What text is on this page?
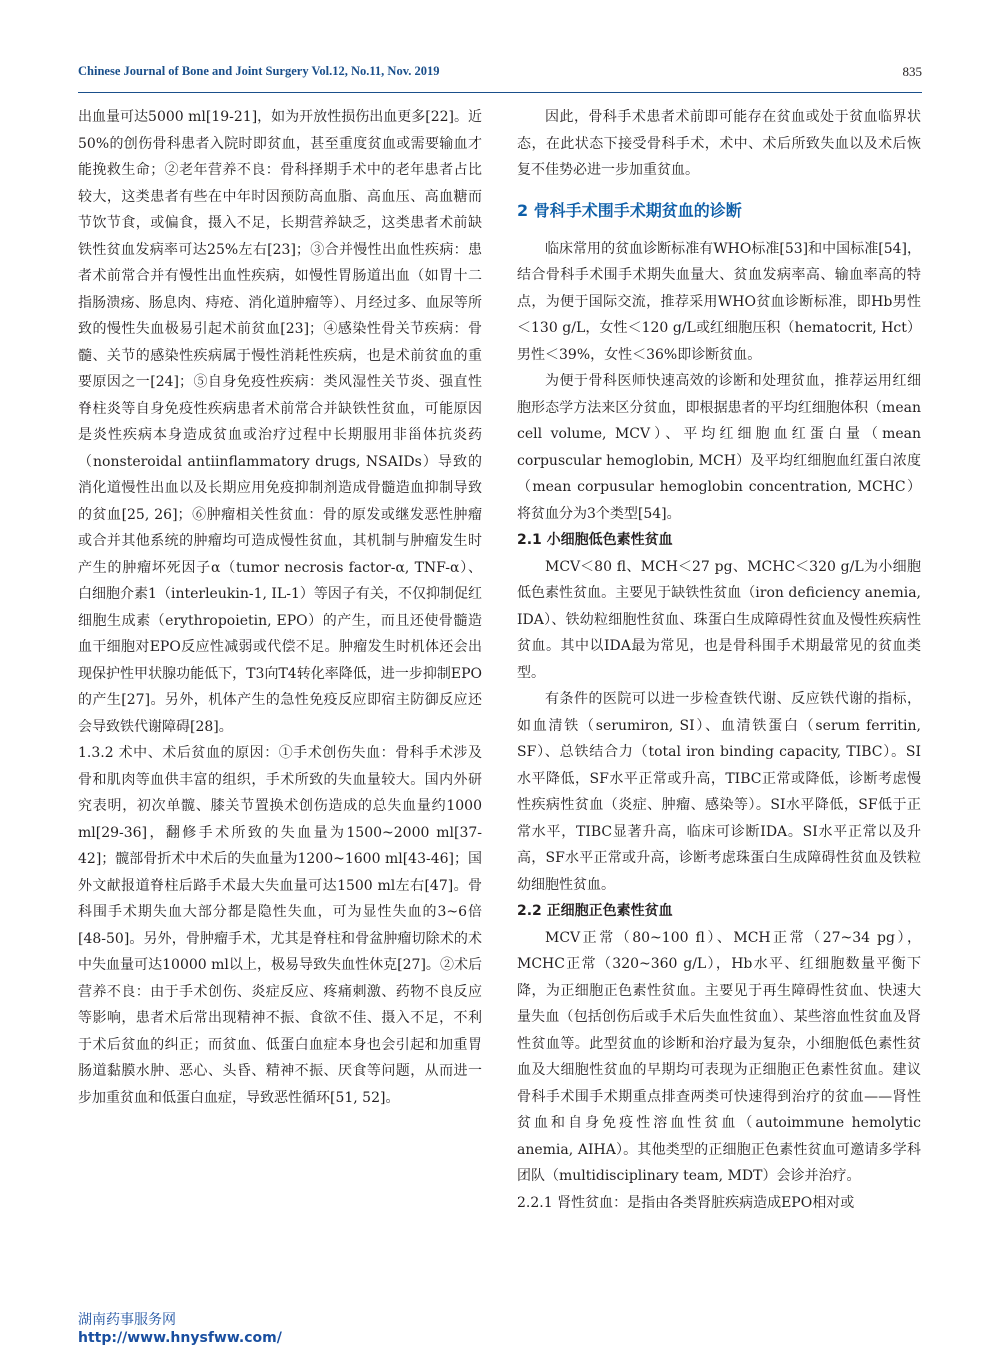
Chinese Journal of Bone and Joint Surgery Vol.12, No.11, Nov. 2019	835

出血量可达5000 ml[19-21]，如为开放性损伤出血更多[22]。近50%的创伤骨科患者入院时即贫血，甚至重度贫血或需要输血才能挽救生命；②老年营养不良：骨科择期手术中的老年患者占比较大，这类患者有些在中年时因预防高血脂、高血压、高血糖而节饮节食，或偏食，摄入不足，长期营养缺乏，这类患者术前缺铁性贫血发病率可达25%左右[23]；③合并慢性出血性疾病：患者术前常合并有慢性出血性疾病，如慢性胃肠道出血（如胃十二指肠溃疡、肠息肉、痔疮、消化道肿瘤等）、月经过多、血尿等所致的慢性失血极易引起术前贫血[23]；④感染性骨关节疾病：骨髓、关节的感染性疾病属于慢性消耗性疾病，也是术前贫血的重要原因之一[24]；⑤自身免疫性疾病：类风湿性关节炎、强直性脊柱炎等自身免疫性疾病患者术前常合并缺铁性贫血，可能原因是炎性疾病本身造成贫血或治疗过程中长期服用非甾体抗炎药（nonsteroidal antiinflammatory drugs, NSAIDs）导致的消化道慢性出血以及长期应用免疫抑制剂造成骨髓造血抑制导致的贫血[25, 26]；⑥肿瘤相关性贫血：骨的原发或继发恶性肿瘤或合并其他系统的肿瘤均可造成慢性贫血，其机制与肿瘤发生时产生的肿瘤坏死因子α（tumor necrosis factor-α, TNF-α）、白细胞介素1（interleukin-1, IL-1）等因子有关，不仅抑制促红细胞生成素（erythropoietin, EPO）的产生，而且还使骨髓造血干细胞对EPO反应性减弱或代偿不足。肿瘤发生时机体还会出现保护性甲状腺功能低下，T3向T4转化率降低，进一步抑制EPO的产生[27]。另外，机体产生的急性免疫反应即宿主防御反应还会导致铁代谢障碍[28]。

1.3.2 术中、术后贫血的原因：①手术创伤失血：骨科手术涉及骨和肌肉等血供丰富的组织，手术所致的失血量较大。国内外研究表明，初次单髋、膝关节置换术创伤造成的总失血量约1000 ml[29-36]，翻修手术所致的失血量为1500~2000 ml[37-42]；髋部骨折术中术后的失血量为1200~1600 ml[43-46]；国外文献报道脊柱后路手术最大失血量可达1500 ml左右[47]。骨科围手术期失血大部分都是隐性失血，可为显性失血的3~6倍[48-50]。另外，骨肿瘤手术，尤其是脊柱和骨盆肿瘤切除术的术中失血量可达10000 ml以上，极易导致失血性休克[27]。②术后营养不良：由于手术创伤、炎症反应、疼痛刺激、药物不良反应等影响，患者术后常出现精神不振、食欲不佳、摄入不足，不利于术后贫血的纠正；而贫血、低蛋白血症本身也会引起和加重胃肠道黏膜水肿、恶心、头昏、精神不振、厌食等问题，从而进一步加重贫血和低蛋白血症，导致恶性循环[51, 52]。

因此，骨科手术患者术前即可能存在贫血或处于贫血临界状态，在此状态下接受骨科手术，术中、术后所致失血以及术后恢复不佳势必进一步加重贫血。

2 骨科手术围手术期贫血的诊断

临床常用的贫血诊断标准有WHO标准[53]和中国标准[54]，结合骨科手术围手术期失血量大、贫血发病率高、输血率高的特点，为便于国际交流，推荐采用WHO贫血诊断标准，即Hb男性＜130 g/L，女性＜120 g/L或红细胞压积（hematocrit, Hct）男性＜39%，女性＜36%即诊断贫血。

为便于骨科医师快速高效的诊断和处理贫血，推荐运用红细胞形态学方法来区分贫血，即根据患者的平均红细胞体积（mean cell volume, MCV）、平均红细胞血红蛋白量（mean corpuscular hemoglobin, MCH）及平均红细胞血红蛋白浓度（mean corpusular hemoglobin concentration, MCHC）将贫血分为3个类型[54]。

2.1 小细胞低色素性贫血

MCV＜80 fl、MCH＜27 pg、MCHC＜320 g/L为小细胞低色素性贫血。主要见于缺铁性贫血（iron deficiency anemia, IDA）、铁幼粒细胞性贫血、珠蛋白生成障碍性贫血及慢性疾病性贫血。其中以IDA最为常见，也是骨科围手术期最常见的贫血类型。

有条件的医院可以进一步检查铁代谢、反应铁代谢的指标，如血清铁（serumiron, SI）、血清铁蛋白（serum ferritin, SF）、总铁结合力（total iron binding capacity, TIBC）。SI水平降低，SF水平正常或升高，TIBC正常或降低，诊断考虑慢性疾病性贫血（炎症、肿瘤、感染等）。SI水平降低，SF低于正常水平，TIBC显著升高，临床可诊断IDA。SI水平正常以及升高，SF水平正常或升高，诊断考虑珠蛋白生成障碍性贫血及铁粒幼细胞性贫血。

2.2 正细胞正色素性贫血

MCV正常（80~100 fl）、MCH正常（27~34 pg），MCHC正常（320~360 g/L），Hb水平、红细胞数量平衡下降，为正细胞正色素性贫血。主要见于再生障碍性贫血、快速大量失血（包括创伤后或手术后失血性贫血）、某些溶血性贫血及肾性贫血等。此型贫血的诊断和治疗最为复杂，小细胞低色素性贫血及大细胞性贫血的早期均可表现为正细胞正色素性贫血。建议骨科手术围手术期重点排查两类可快速得到治疗的贫血——肾性贫血和自身免疫性溶血性贫血（autoimmune hemolytic anemia, AIHA）。其他类型的正细胞正色素性贫血可邀请多学科团队（multidisciplinary team, MDT）会诊并治疗。

2.2.1 肾性贫血：是指由各类肾脏疾病造成EPO相对或

湖南药事服务网
http://www.hnysfww.com/
